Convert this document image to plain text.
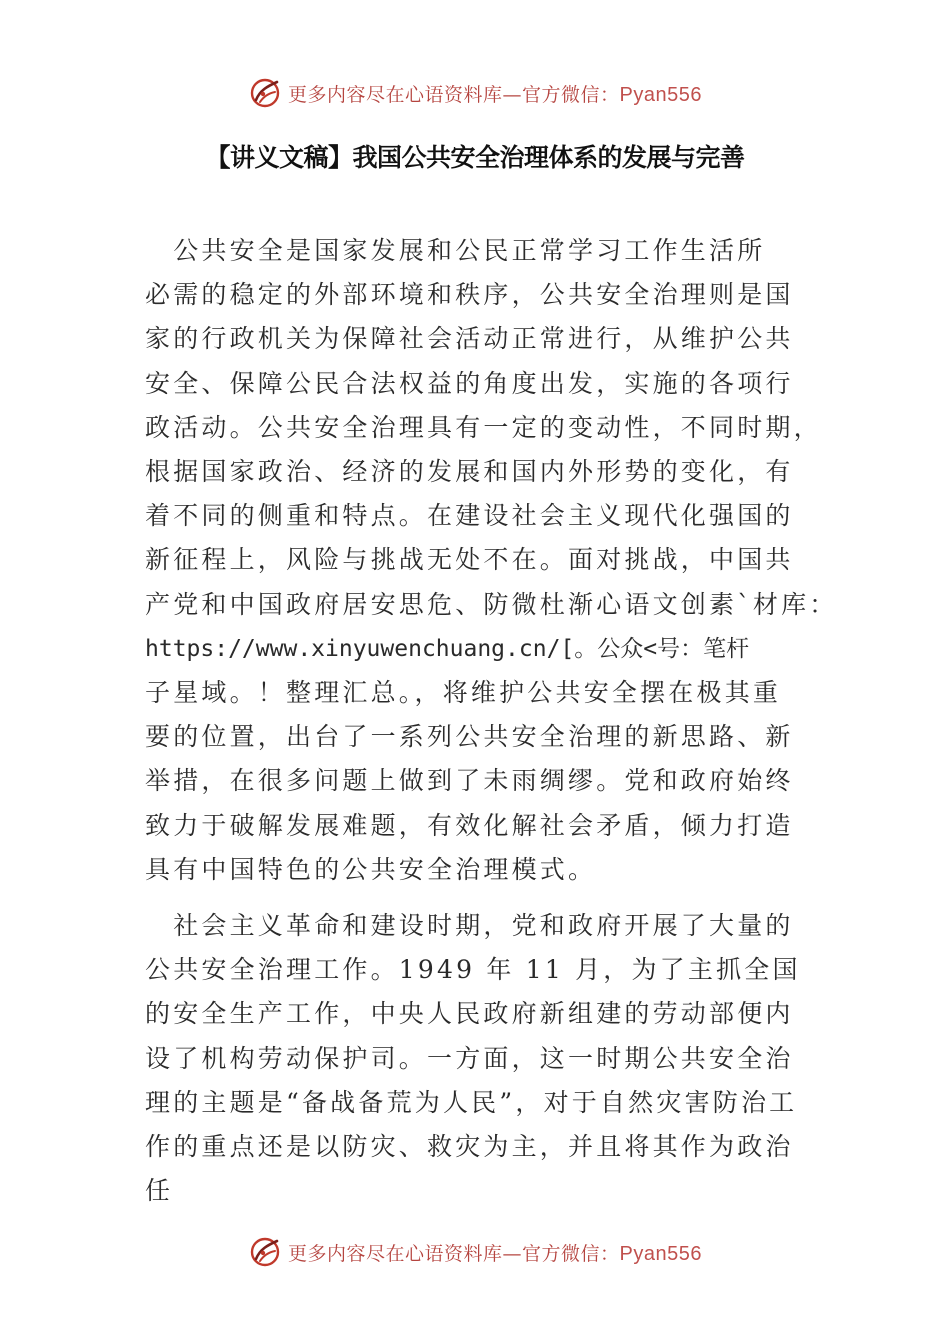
更多内容尽在心语资料库—官方微信：Pyan556
【讲义文稿】我国公共安全治理体系的发展与完善

　公共安全是国家发展和公民正常学习工作生活所
必需的稳定的外部环境和秩序，公共安全治理则是国
家的行政机关为保障社会活动正常进行，从维护公共
安全、保障公民合法权益的角度出发，实施的各项行
政活动。公共安全治理具有一定的变动性，不同时期，
根据国家政治、经济的发展和国内外形势的变化，有
着不同的侧重和特点。在建设社会主义现代化强国的
新征程上，风险与挑战无处不在。面对挑战，中国共
产党和中国政府居安思危、防微杜渐心语文创素`材库：
https://www.xinyuwenchuang.cn/[。公众<号：笔杆
子星域。！整理汇总。，将维护公共安全摆在极其重
要的位置，出台了一系列公共安全治理的新思路、新
举措，在很多问题上做到了未雨绸缪。党和政府始终
致力于破解发展难题，有效化解社会矛盾，倾力打造
具有中国特色的公共安全治理模式。

　社会主义革命和建设时期，党和政府开展了大量的
公共安全治理工作。1949 年 11 月，为了主抓全国
的安全生产工作，中央人民政府新组建的劳动部便内
设了机构劳动保护司。一方面，这一时期公共安全治
理的主题是“备战备荒为人民”，对于自然灾害防治工
作的重点还是以防灾、救灾为主，并且将其作为政治
任

更多内容尽在心语资料库—官方微信：Pyan556
